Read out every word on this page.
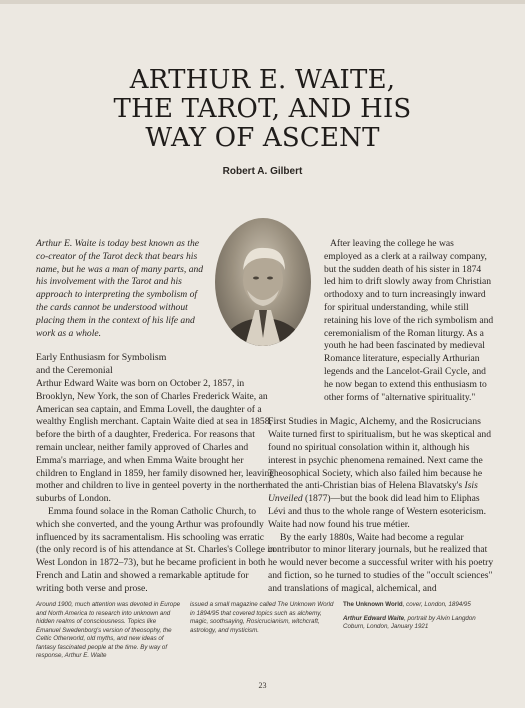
ARTHUR E. WAITE,
THE TAROT, AND HIS
WAY OF ASCENT
Robert A. Gilbert

Arthur E. Waite is today best known as the co-creator of the Tarot deck that bears his name, but he was a man of many parts, and his involvement with the Tarot and his approach to interpreting the symbolism of the cards cannot be understood without placing them in the context of his life and work as a whole.

Early Enthusiasm for Symbolism
and the Ceremonial

Arthur Edward Waite was born on October 2, 1857, in Brooklyn, New York, the son of Charles Frederick Waite, an American sea captain, and Emma Lovell, the daughter of a wealthy English merchant. Captain Waite died at sea in 1858, before the birth of a daughter, Frederica. For reasons that remain unclear, neither family approved of Charles and Emma's marriage, and when Emma Waite brought her children to England in 1859, her family disowned her, leaving mother and children to live in genteel poverty in the northern suburbs of London.

Emma found solace in the Roman Catholic Church, to which she converted, and the young Arthur was profoundly influenced by its sacramentalism. His schooling was erratic (the only record is of his attendance at St. Charles's College in West London in 1872–73), but he became proficient in both French and Latin and showed a remarkable aptitude for writing both verse and prose.

After leaving the college he was employed as a clerk at a railway company, but the sudden death of his sister in 1874 led him to drift slowly away from Christian orthodoxy and to turn increasingly inward for spiritual understanding, while still retaining his love of the rich symbolism and ceremonialism of the Roman liturgy. As a youth he had been fascinated by medieval Romance literature, especially Arthurian legends and the Lancelot-Grail Cycle, and he now began to extend this enthusiasm to other forms of "alternative spirituality."

First Studies in Magic, Alchemy, and the Rosicrucians

Waite turned first to spiritualism, but he was skeptical and found no spiritual consolation within it, although his interest in psychic phenomena remained. Next came the Theosophical Society, which also failed him because he hated the anti-Christian bias of Helena Blavatsky's Isis Unveiled (1877)—but the book did lead him to Eliphas Lévi and thus to the whole range of Western esotericism. Waite had now found his true métier.

By the early 1880s, Waite had become a regular contributor to minor literary journals, but he realized that he would never become a successful writer with his poetry and fiction, so he turned to studies of the "occult sciences" and translations of magical, alchemical, and

Around 1900, much attention was devoted in Europe and North America to research into unknown and hidden realms of consciousness. Topics like Emanuel Swedenborg's version of theosophy, the Celtic Otherworld, old myths, and new ideas of fantasy fascinated people at the time. By way of response, Arthur E. Waite
issued a small magazine called The Unknown World in 1894/95 that covered topics such as alchemy, magic, soothsaying, Rosicrucianism, witchcraft, astrology, and mysticism.
The Unknown World, cover, London, 1894/95
Arthur Edward Waite, portrait by Alvin Langdon Coburn, London, January 1921
23
